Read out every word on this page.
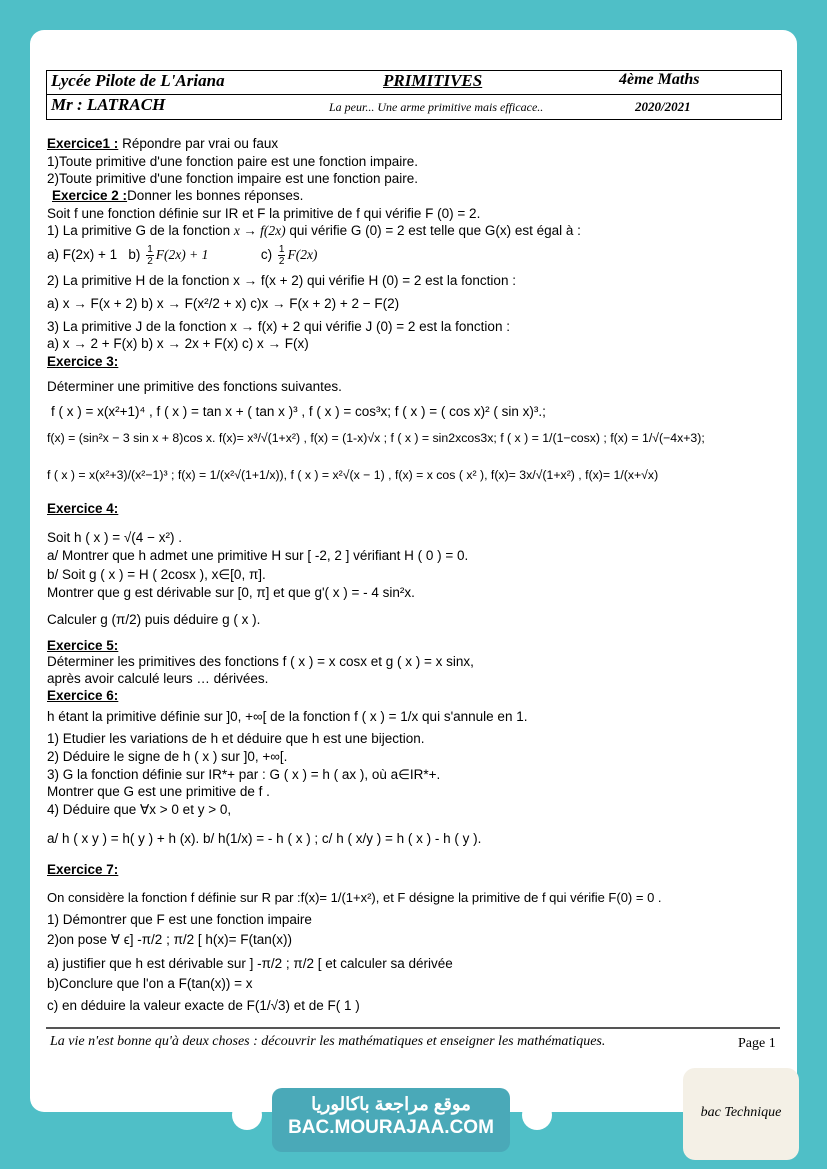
Lycée Pilote de L'Ariana	PRIMITIVES	4ème Maths
Mr : LATRACH	La peur... Une arme primitive mais efficace..	2020/2021
Exercice1 : Répondre par vrai ou faux
1)Toute primitive d'une fonction paire est une fonction impaire.
2)Toute primitive d'une fonction impaire est une fonction paire.
Exercice 2 :Donner les bonnes réponses.
Soit f une fonction définie sur IR et F la primitive de f qui vérifie F (0) = 2.
1) La primitive G de la fonction x → f(2x) qui vérifie G (0) = 2 est telle que G(x) est égal à :
a) F(2x) + 1 $b) \frac{1}{2} F(2x) + 1$	$c) \frac{1}{2} F(2x)$
2) La primitive H de la fonction x → f(x + 2) qui vérifie H (0) = 2 est la fonction :
a) x → F(x + 2) b) x → F(x²/2 + x) c)x → F(x + 2) + 2 − F(2)
3) La primitive J de la fonction x → f(x) + 2 qui vérifie J (0) = 2 est la fonction :
a) x → 2 + F(x) b) x → 2x + F(x) c) x → F(x)
Exercice 3:
Déterminer une primitive des fonctions suivantes.
f ( x ) = x(x²+1)⁴ , f ( x ) = tan x + ( tan x )³ , f ( x ) = cos³x; f ( x ) = ( cos x)² ( sin x)³.;
f(x) = (sin²x − 3 sin x + 8)cos x. f(x)= x³/√(1+x²) , f(x) = (1-x)√x ; f ( x ) = sin2xcos3x; f ( x ) = 1/(1−cosx) ; f(x) = 1/√(−4x+3);
f ( x ) = x(x²+3)/(x²−1)³ ; f(x) = 1/(x²√(1+1/x)), f ( x ) = x²√(x − 1) , f(x) = x cos ( x² ), f(x)= 3x/√(1+x²) , f(x)= 1/(x+√x)
Exercice 4:
Soit h ( x ) = √(4 − x²) .
a/ Montrer que h admet une primitive H sur [ -2, 2 ] vérifiant H ( 0 ) = 0.
b/ Soit g ( x ) = H ( 2cosx ), x∈[0, π].
Montrer que g est dérivable sur [0, π] et que g'( x ) = - 4 sin²x.
Calculer g (π/2) puis déduire g ( x ).
Exercice 5:
Déterminer les primitives des fonctions f ( x ) = x cosx et g ( x ) = x sinx,
après avoir calculé leurs … dérivées.
Exercice 6:
h étant la primitive définie sur ]0, +∞[ de la fonction f ( x ) = 1/x qui s'annule en 1.
1) Etudier les variations de h et déduire que h est une bijection.
2) Déduire le signe de h ( x ) sur ]0, +∞[.
3) G la fonction définie sur IR*+ par : G ( x ) = h ( ax ), où a∈IR*+.
Montrer que G est une primitive de f .
4) Déduire que ∀x > 0 et y > 0,
a/ h ( x y ) = h( y ) + h (x). b/ h(1/x) = - h ( x ) ; c/ h ( x/y ) = h ( x ) - h ( y ).
Exercice 7:
On considère la fonction f définie sur R par :f(x)= 1/(1+x²), et F désigne la primitive de f qui vérifie F(0) = 0 .
1) Démontrer que F est une fonction impaire
2)on pose ∀ ϵ] -π/2 ; π/2 [ h(x)= F(tan(x))
a) justifier que h est dérivable sur ] -π/2 ; π/2 [ et calculer sa dérivée
b)Conclure que l'on a F(tan(x)) = x
c) en déduire la valeur exacte de F(1/√3) et de F( 1 )
La vie n'est bonne qu'à deux choses : découvrir les mathématiques et enseigner les mathématiques.	Page 1
موقع مراجعة باكالوريا
BAC.MOURAJAA.COM
bac Technique
